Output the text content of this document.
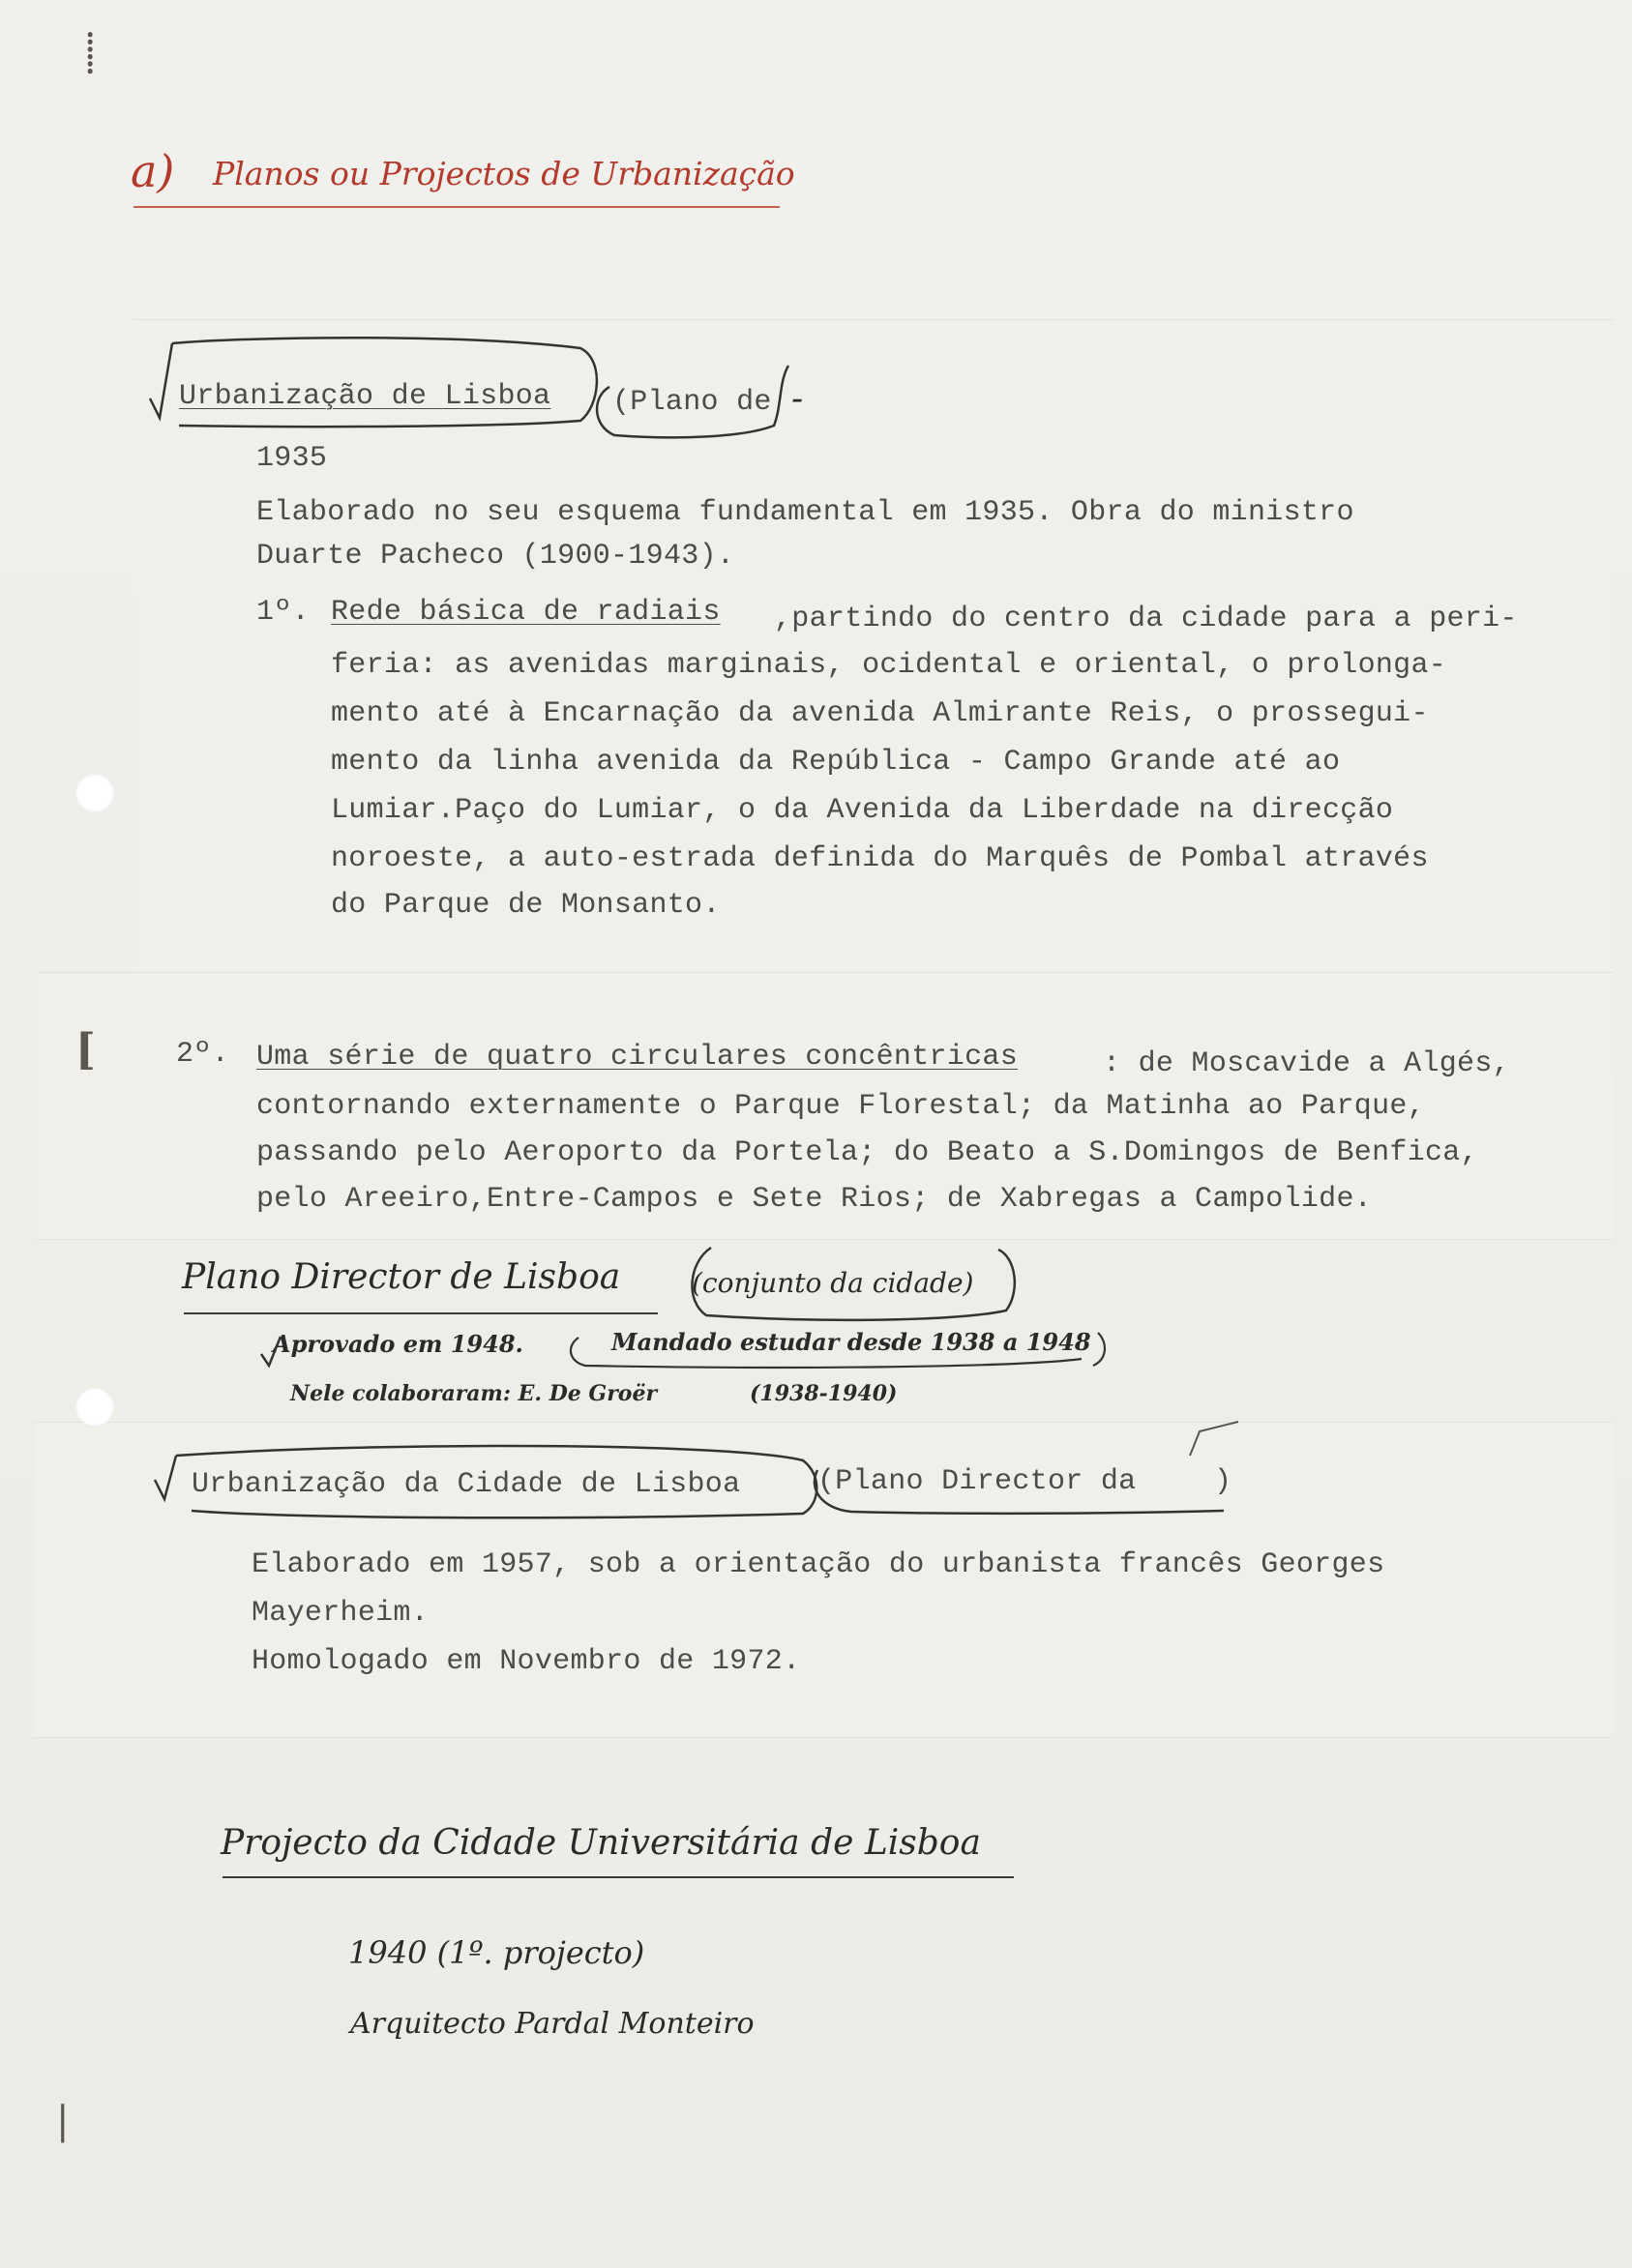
⸽
[
|
a) Planos ou Projectos de Urbanização
Urbanização de Lisboa (Plano de -
1935
Elaborado no seu esquema fundamental em 1935. Obra do ministro
Duarte Pacheco (1900-1943).
1º. Rede básica de radiais ,partindo do centro da cidade para a peri-
feria: as avenidas marginais, ocidental e oriental, o prolonga-
mento até à Encarnação da avenida Almirante Reis, o prossegui-
mento da linha avenida da República - Campo Grande até ao
Lumiar.Paço do Lumiar, o da Avenida da Liberdade na direcção
noroeste, a auto-estrada definida do Marquês de Pombal através
do Parque de Monsanto.
2º. Uma série de quatro circulares concêntricas	: de Moscavide a Algés,
contornando externamente o Parque Florestal; da Matinha ao Parque,
passando pelo Aeroporto da Portela; do Beato a S.Domingos de Benfica,
pelo Areeiro,Entre-Campos e Sete Rios; de Xabregas a Campolide.
Plano Director de Lisboa	(conjunto da cidade)
Aprovado em 1948.	Mandado estudar desde 1938 a 1948
Nele colaboraram: E. De Groër	(1938-1940)
Urbanização da Cidade de Lisboa	(Plano Director da	)
Elaborado em 1957, sob a orientação do urbanista francês Georges
Mayerheim.
Homologado em Novembro de 1972.
Projecto da Cidade Universitária de Lisboa
1940 (1º. projecto)
Arquitecto Pardal Monteiro
